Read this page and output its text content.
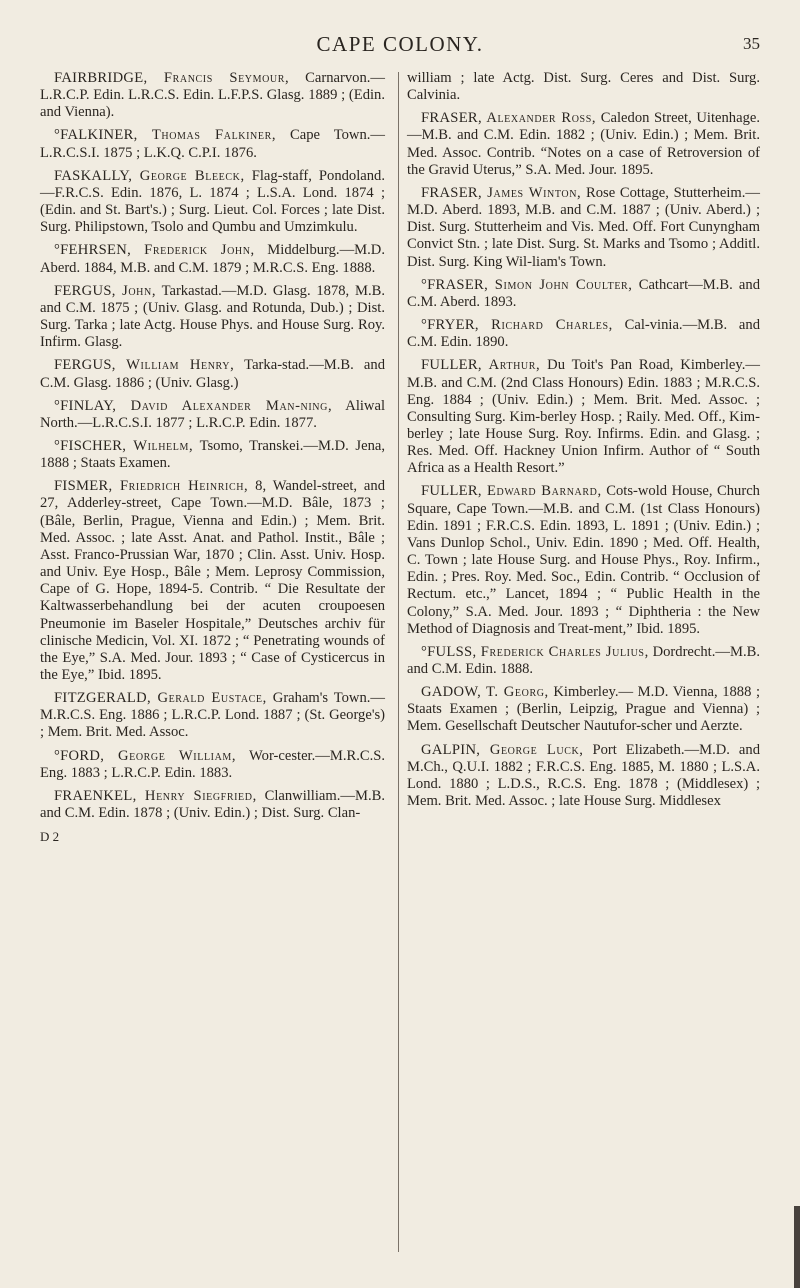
CAPE COLONY.	35

FAIRBRIDGE, Francis Seymour, Carnarvon.—L.R.C.P. Edin. L.R.C.S. Edin. L.F.P.S. Glasg. 1889 ; (Edin. and Vienna).

°FALKINER, Thomas Falkiner, Cape Town.—L.R.C.S.I. 1875 ; L.K.Q. C.P.I. 1876.

FASKALLY, George Bleeck, Flag-staff, Pondoland.—F.R.C.S. Edin. 1876, L. 1874 ; L.S.A. Lond. 1874 ; (Edin. and St. Bart's.) ; Surg. Lieut. Col. Forces ; late Dist. Surg. Philipstown, Tsolo and Qumbu and Umzimkulu.

°FEHRSEN, Frederick John, Middelburg.—M.D. Aberd. 1884, M.B. and C.M. 1879 ; M.R.C.S. Eng. 1888.

FERGUS, John, Tarkastad.—M.D. Glasg. 1878, M.B. and C.M. 1875 ; (Univ. Glasg. and Rotunda, Dub.) ; Dist. Surg. Tarka ; late Actg. House Phys. and House Surg. Roy. Infirm. Glasg.

FERGUS, William Henry, Tarka-stad.—M.B. and C.M. Glasg. 1886 ; (Univ. Glasg.)

°FINLAY, David Alexander Man-ning, Aliwal North.—L.R.C.S.I. 1877 ; L.R.C.P. Edin. 1877.

°FISCHER, Wilhelm, Tsomo, Transkei.—M.D. Jena, 1888 ; Staats Examen.

FISMER, Friedrich Heinrich, 8, Wandel-street, and 27, Adderley-street, Cape Town.—M.D. Bâle, 1873 ; (Bâle, Berlin, Prague, Vienna and Edin.) ; Mem. Brit. Med. Assoc. ; late Asst. Anat. and Pathol. Instit., Bâle ; Asst. Franco-Prussian War, 1870 ; Clin. Asst. Univ. Hosp. and Univ. Eye Hosp., Bâle ; Mem. Leprosy Commission, Cape of G. Hope, 1894-5. Contrib. “ Die Resultate der Kaltwasserbehandlung bei der acuten croupoesen Pneumonie im Baseler Hospitale,” Deutsches archiv für clinische Medicin, Vol. XI. 1872 ; “ Penetrating wounds of the Eye,” S.A. Med. Jour. 1893 ; “ Case of Cysticercus in the Eye,” Ibid. 1895.

FITZGERALD, Gerald Eustace, Graham's Town.—M.R.C.S. Eng. 1886 ; L.R.C.P. Lond. 1887 ; (St. George's) ; Mem. Brit. Med. Assoc.

°FORD, George William, Wor-cester.—M.R.C.S. Eng. 1883 ; L.R.C.P. Edin. 1883.

FRAENKEL, Henry Siegfried, Clanwilliam.—M.B. and C.M. Edin. 1878 ; (Univ. Edin.) ; Dist. Surg. Clan-

D 2

william ; late Actg. Dist. Surg. Ceres and Dist. Surg. Calvinia.

FRASER, Alexander Ross, Caledon Street, Uitenhage.—M.B. and C.M. Edin. 1882 ; (Univ. Edin.) ; Mem. Brit. Med. Assoc. Contrib. “Notes on a case of Retroversion of the Gravid Uterus,” S.A. Med. Jour. 1895.

FRASER, James Winton, Rose Cottage, Stutterheim.—M.D. Aberd. 1893, M.B. and C.M. 1887 ; (Univ. Aberd.) ; Dist. Surg. Stutterheim and Vis. Med. Off. Fort Cunyngham Convict Stn. ; late Dist. Surg. St. Marks and Tsomo ; Additl. Dist. Surg. King Wil-liam's Town.

°FRASER, Simon John Coulter, Cathcart—M.B. and C.M. Aberd. 1893.

°FRYER, Richard Charles, Cal-vinia.—M.B. and C.M. Edin. 1890.

FULLER, Arthur, Du Toit's Pan Road, Kimberley.—M.B. and C.M. (2nd Class Honours) Edin. 1883 ; M.R.C.S. Eng. 1884 ; (Univ. Edin.) ; Mem. Brit. Med. Assoc. ; Consulting Surg. Kim-berley Hosp. ; Raily. Med. Off., Kim-berley ; late House Surg. Roy. Infirms. Edin. and Glasg. ; Res. Med. Off. Hackney Union Infirm. Author of “ South Africa as a Health Resort.”

FULLER, Edward Barnard, Cots-wold House, Church Square, Cape Town.—M.B. and C.M. (1st Class Honours) Edin. 1891 ; F.R.C.S. Edin. 1893, L. 1891 ; (Univ. Edin.) ; Vans Dunlop Schol., Univ. Edin. 1890 ; Med. Off. Health, C. Town ; late House Surg. and House Phys., Roy. Infirm., Edin. ; Pres. Roy. Med. Soc., Edin. Contrib. “ Occlusion of Rectum. etc.,” Lancet, 1894 ; “ Public Health in the Colony,” S.A. Med. Jour. 1893 ; “ Diphtheria : the New Method of Diagnosis and Treat-ment,” Ibid. 1895.

°FULSS, Frederick Charles Julius, Dordrecht.—M.B. and C.M. Edin. 1888.

GADOW, T. Georg, Kimberley.— M.D. Vienna, 1888 ; Staats Examen ; (Berlin, Leipzig, Prague and Vienna) ; Mem. Gesellschaft Deutscher Nautufor-scher und Aerzte.

GALPIN, George Luck, Port Elizabeth.—M.D. and M.Ch., Q.U.I. 1882 ; F.R.C.S. Eng. 1885, M. 1880 ; L.S.A. Lond. 1880 ; L.D.S., R.C.S. Eng. 1878 ; (Middlesex) ; Mem. Brit. Med. Assoc. ; late House Surg. Middlesex
